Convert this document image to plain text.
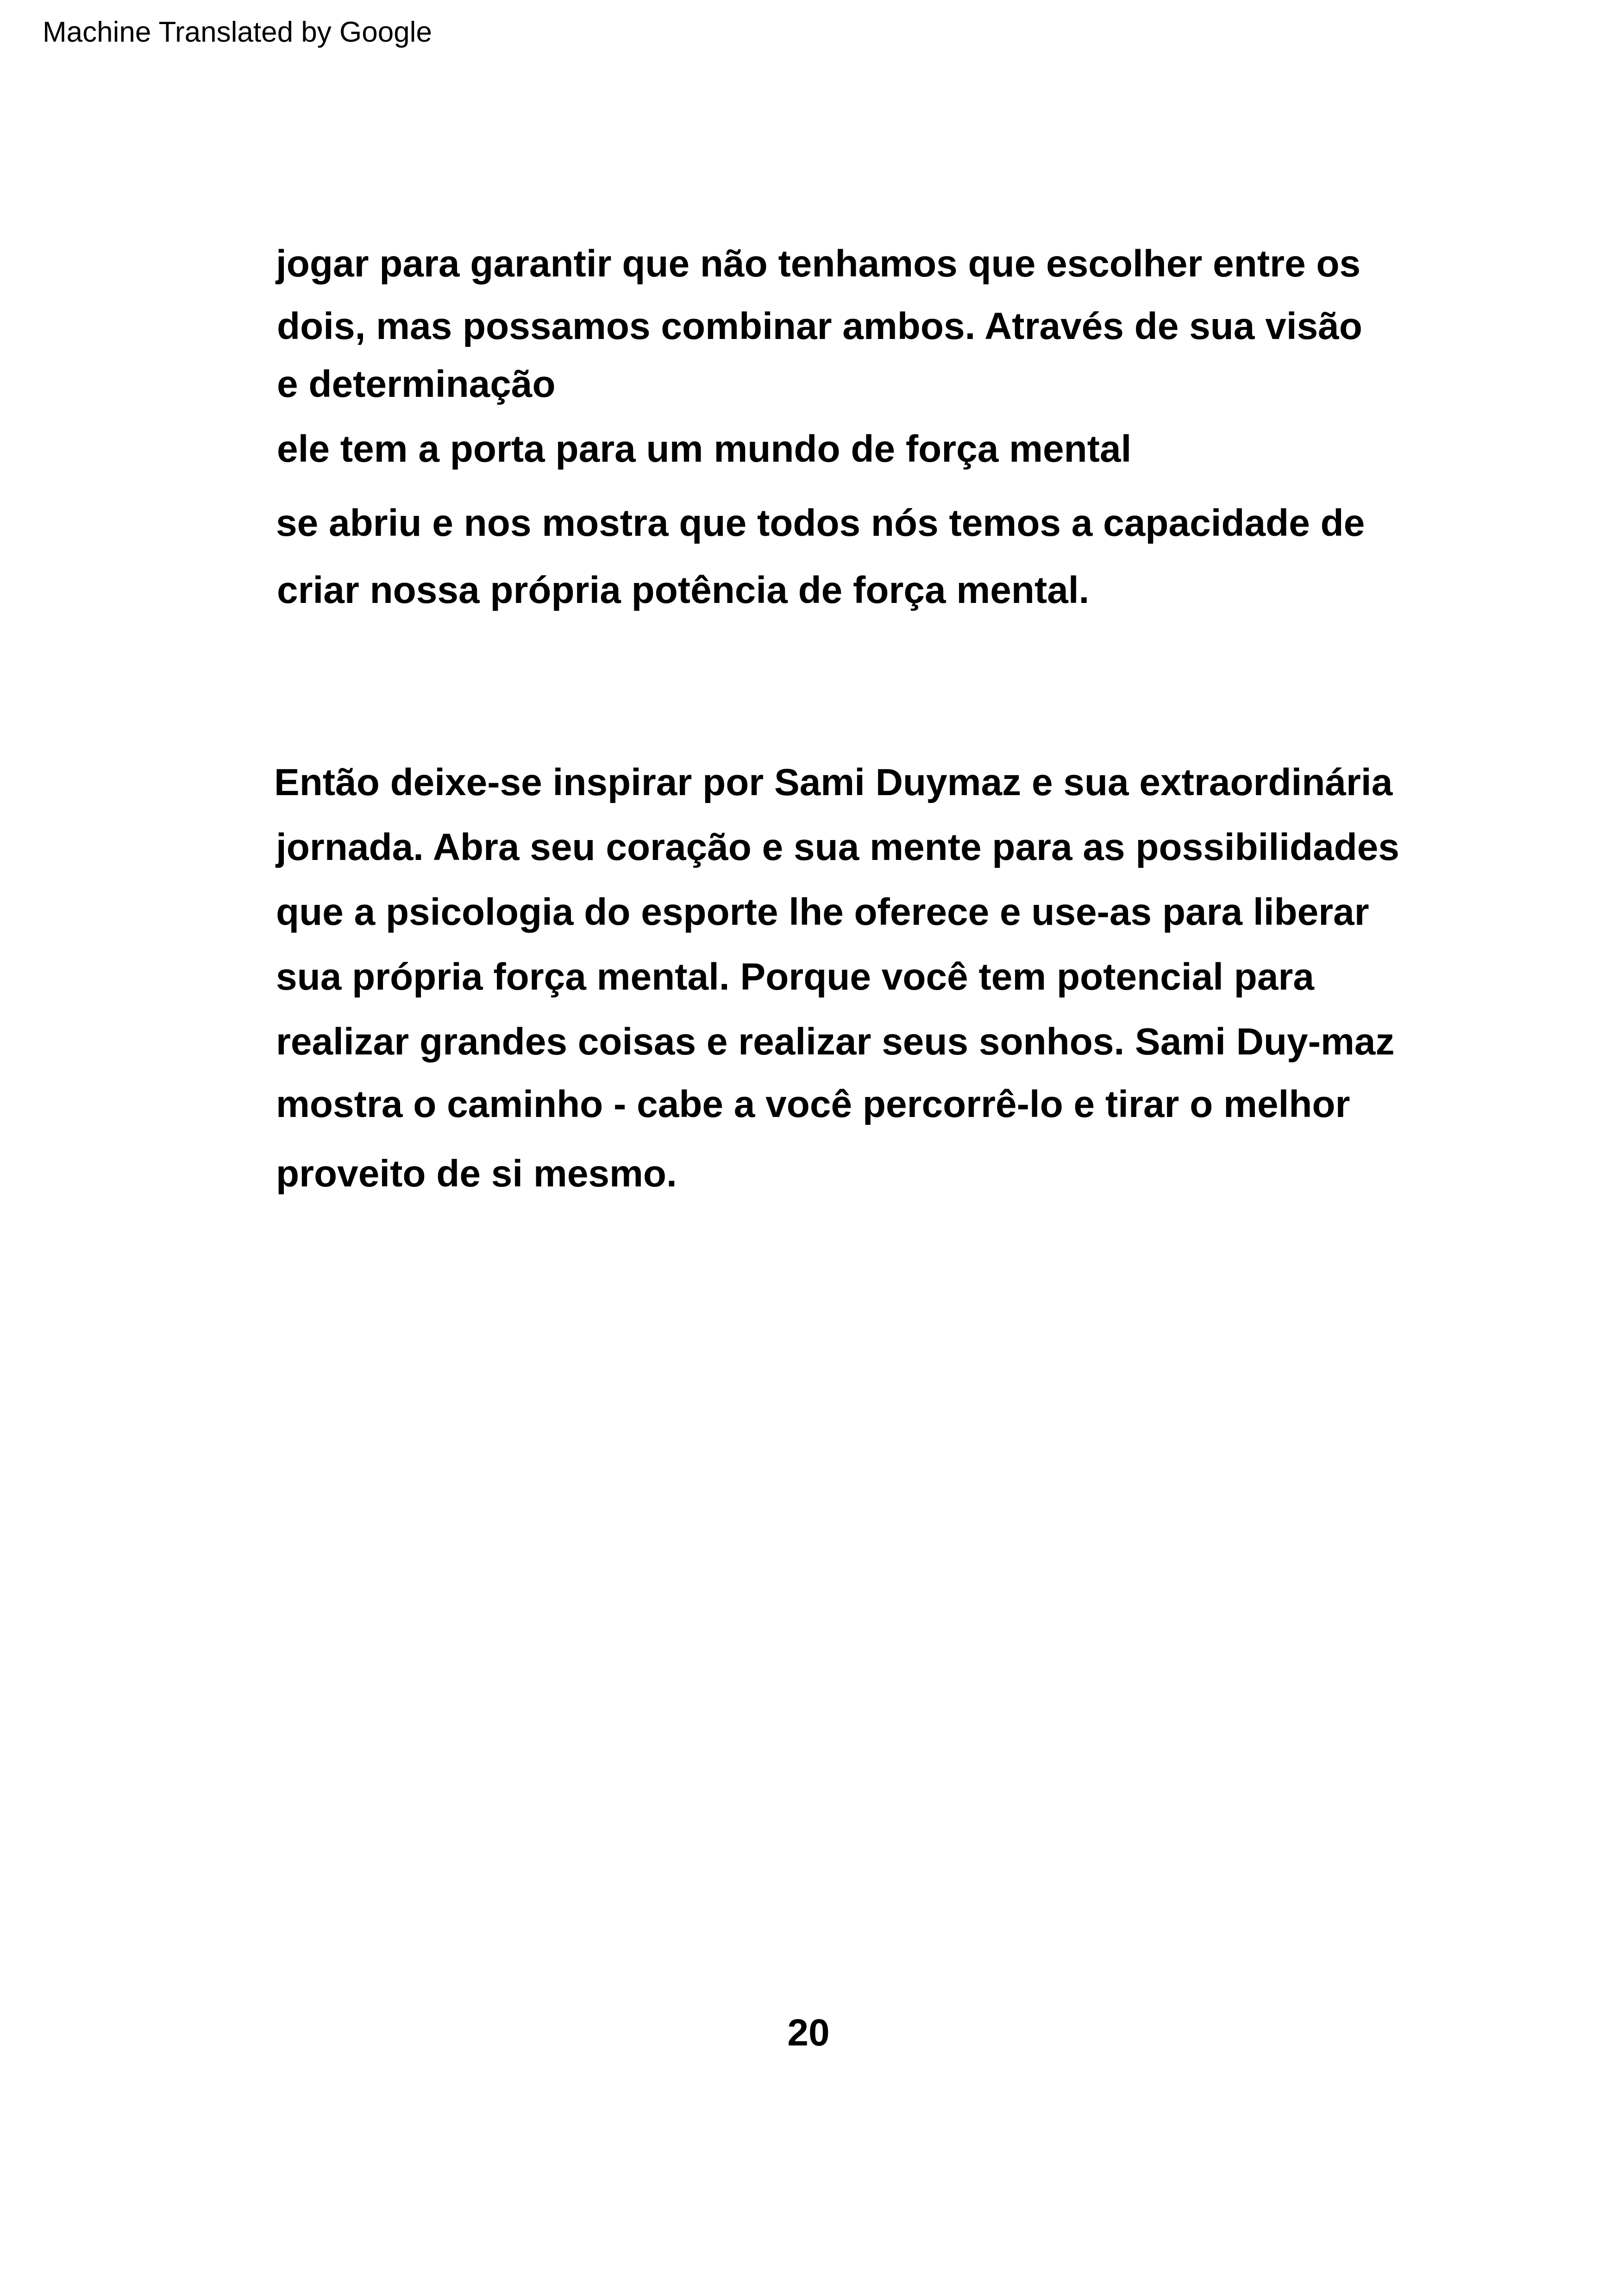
Machine Translated by Google
jogar para garantir que não tenhamos que escolher entre os
dois, mas possamos combinar ambos. Através de sua visão
e determinação
ele tem a porta para um mundo de força mental
se abriu e nos mostra que todos nós temos a capacidade de
criar nossa própria potência de força mental.
Então deixe-se inspirar por Sami Duymaz e sua extraordinária
jornada. Abra seu coração e sua mente para as possibilidades
que a psicologia do esporte lhe oferece e use-as para liberar
sua própria força mental. Porque você tem potencial para
realizar grandes coisas e realizar seus sonhos. Sami Duy-maz
mostra o caminho - cabe a você percorrê-lo e tirar o melhor
proveito de si mesmo.
20
